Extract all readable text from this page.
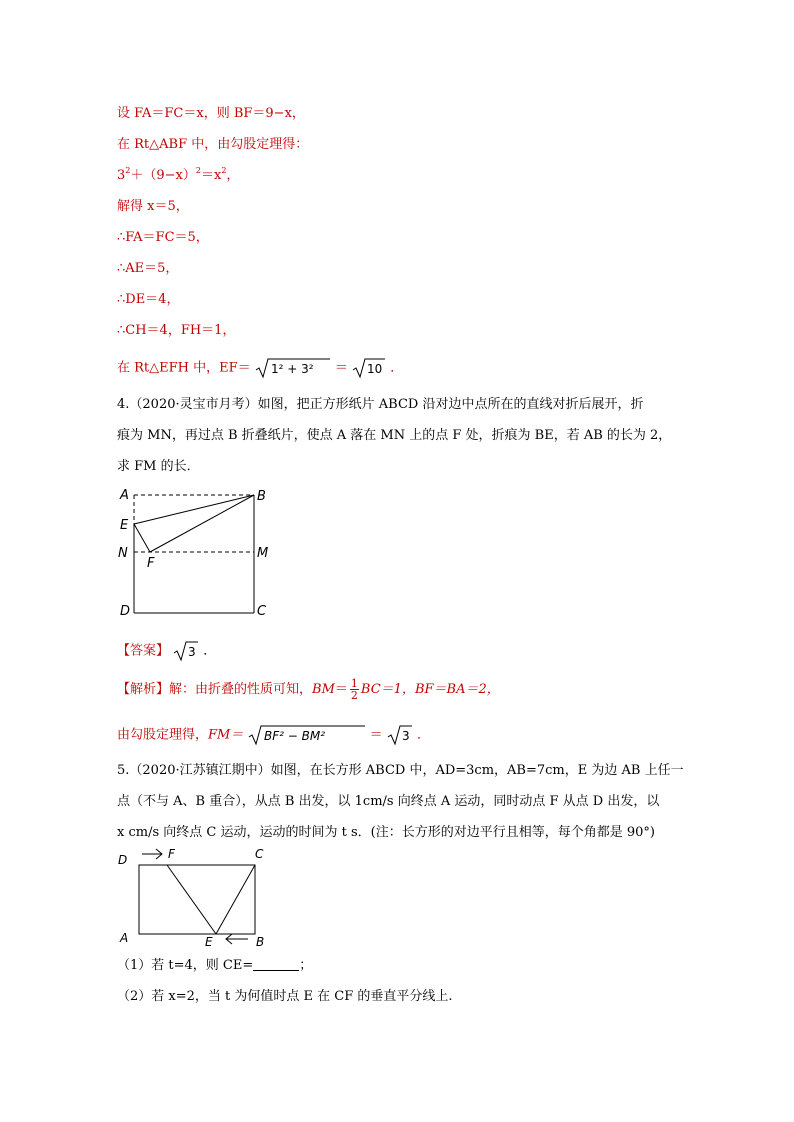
设 FA＝FC＝x，则 BF＝9−x，
在 Rt△ABF 中，由勾股定理得：
$3^2+(9-x)^2=x^2$，
解得 x＝5，
∴FA＝FC＝5，
∴AE＝5，
∴DE＝4，
∴CH＝4，FH＝1，
在 Rt△EFH 中，EF＝ 1² + 3² ＝ 10 ．
4.（2020·灵宝市月考）如图，把正方形纸片 ABCD 沿对边中点所在的直线对折后展开，折
痕为 MN，再过点 B 折叠纸片，使点 A 落在 MN 上的点 F 处，折痕为 BE，若 AB 的长为 2，
求 FM 的长．
A	B
E
N	M
F
D	C
【答案】 3 ．
【解析】解：由折叠的性质可知，$BM= \frac{1}{2} BC=1$，BF＝BA＝2，
由勾股定理得，FM＝ BF² − BM²	＝ 3 ．
5.（2020·江苏镇江期中）如图，在长方形 ABCD 中，AD=3cm，AB=7cm，E 为边 AB 上任一
点（不与 A、B 重合），从点 B 出发，以 1cm/s 向终点 A 运动，同时动点 F 从点 D 出发，以
x cm/s 向终点 C 运动，运动的时间为 t s．(注：长方形的对边平行且相等，每个角都是 90°)
D	F	C
A	E	B
（1）若 t=4，则 CE=	；
（2）若 x=2，当 t 为何值时点 E 在 CF 的垂直平分线上.
